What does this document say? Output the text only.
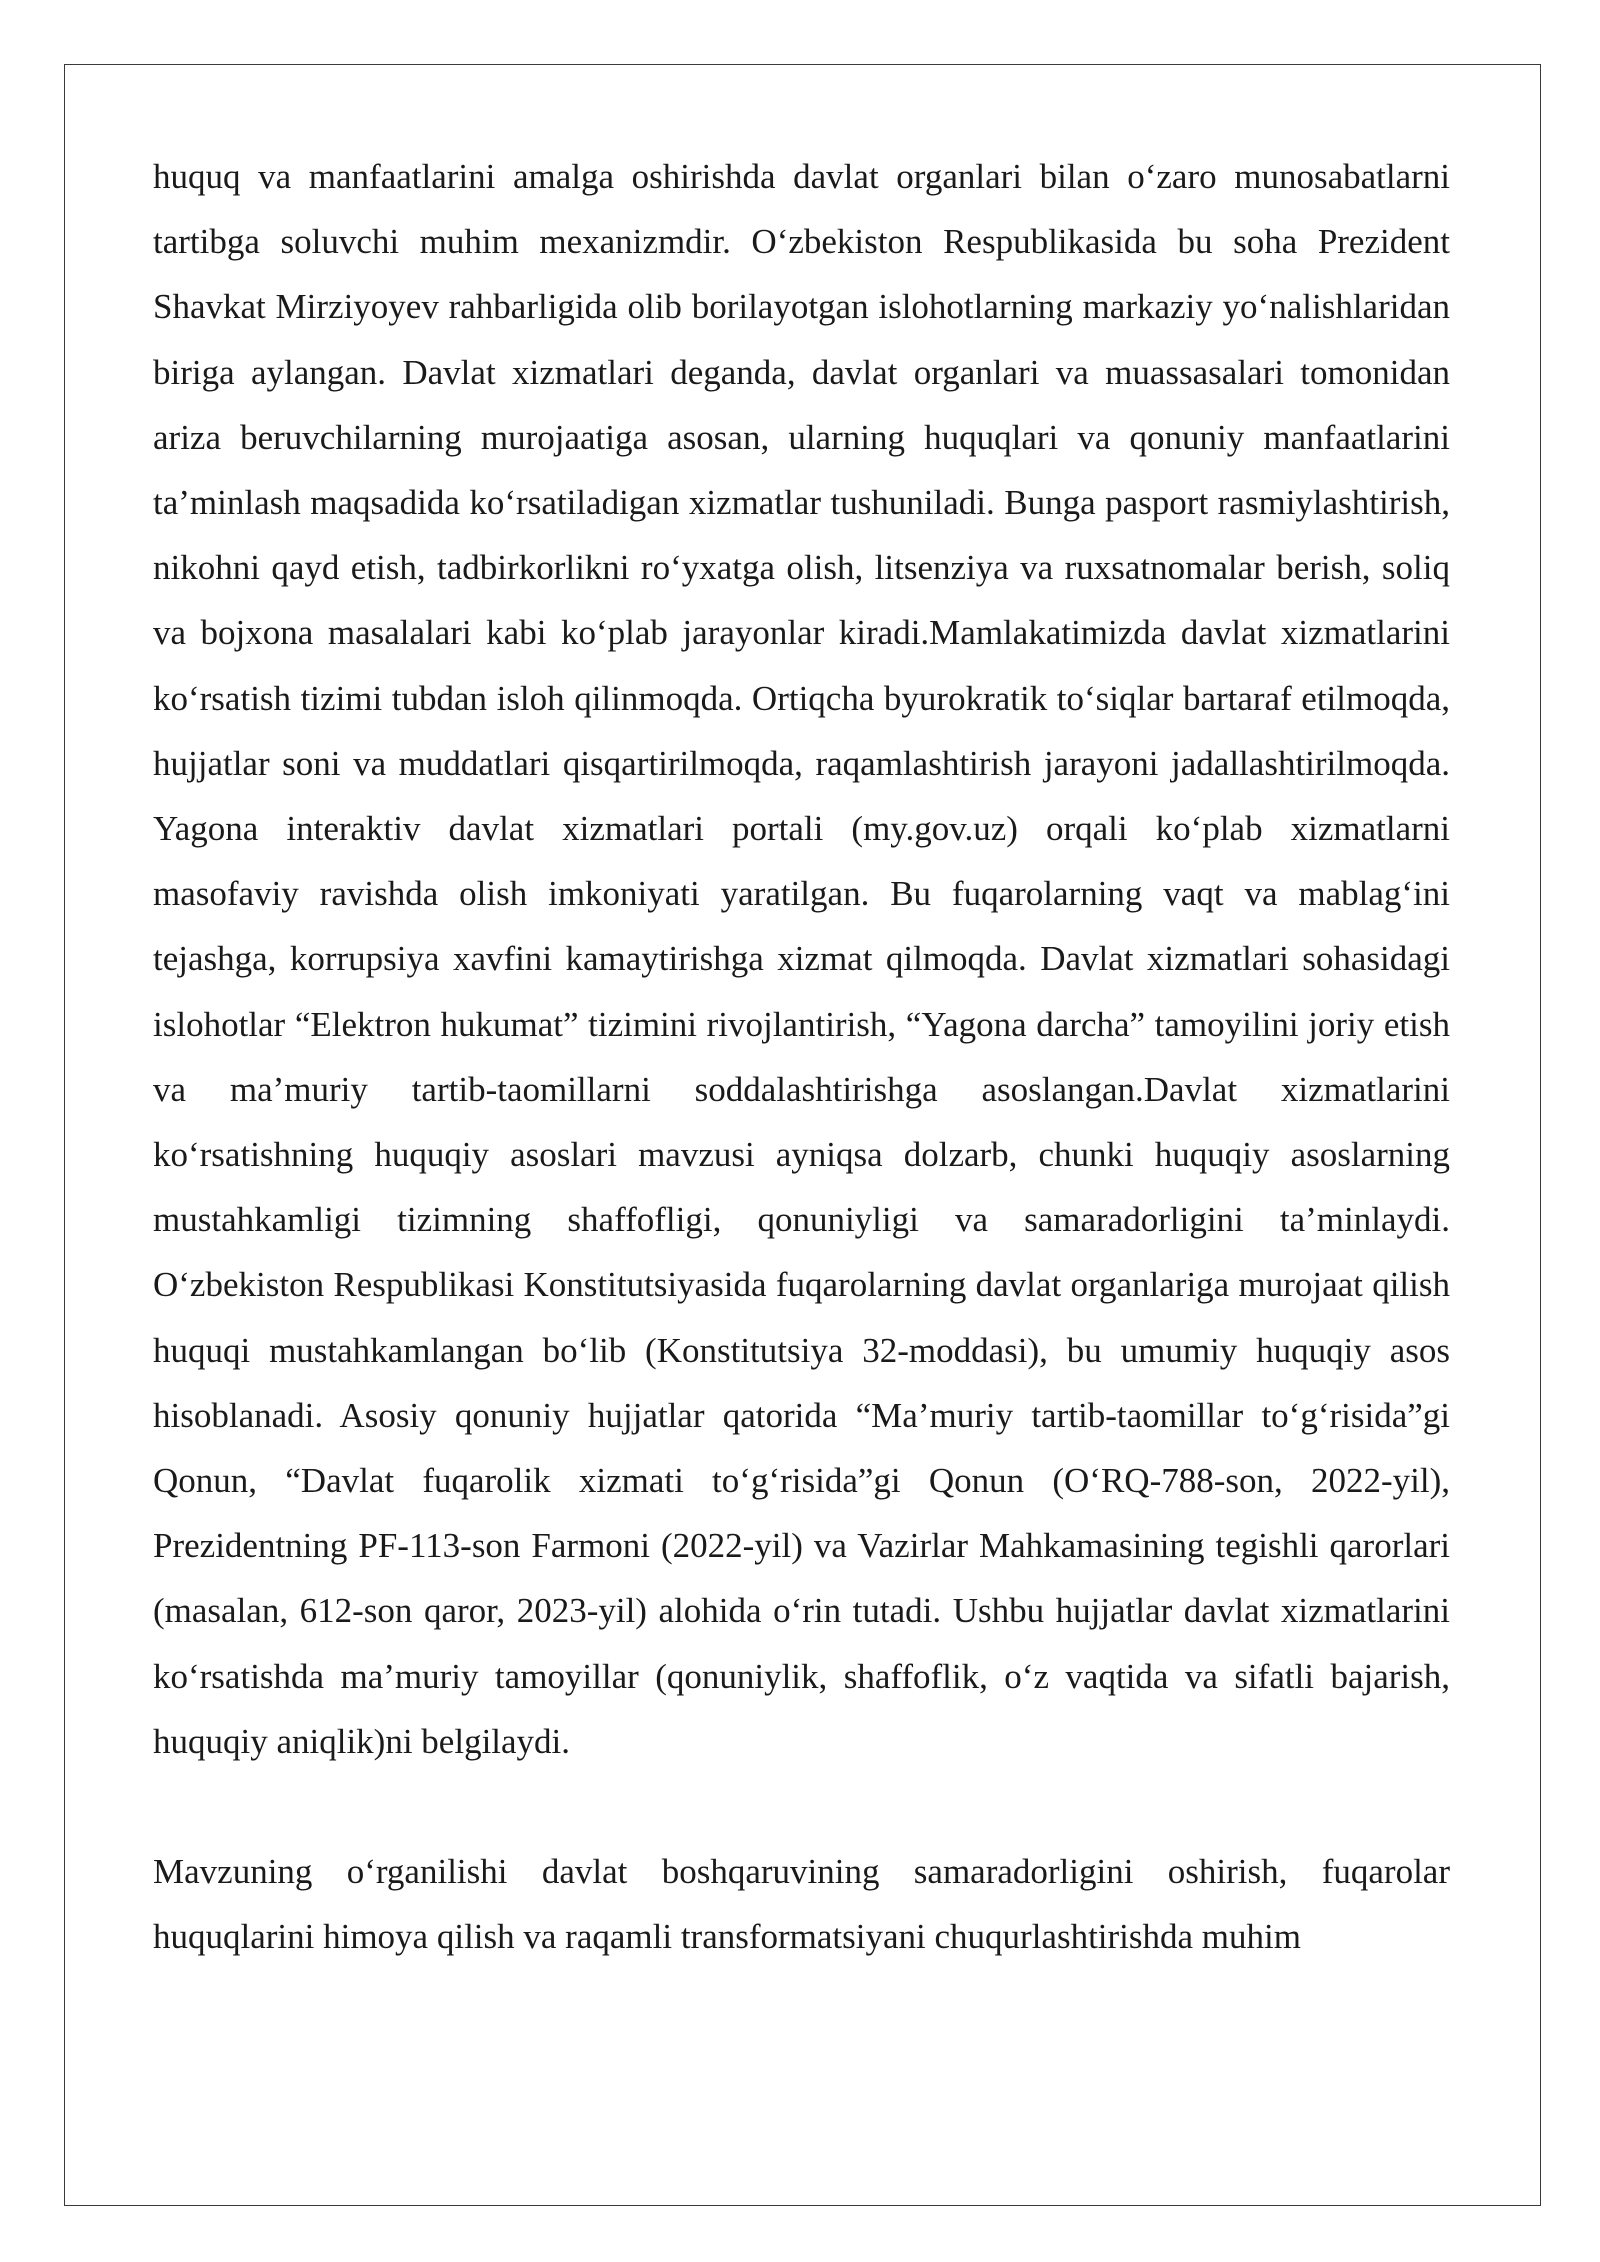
huquq va manfaatlarini amalga oshirishda davlat organlari bilan o‘zaro munosabatlarni tartibga soluvchi muhim mexanizmdir. O‘zbekiston Respublikasida bu soha Prezident Shavkat Mirziyoyev rahbarligida olib borilayotgan islohotlarning markaziy yo‘nalishlaridan biriga aylangan. Davlat xizmatlari deganda, davlat organlari va muassasalari tomonidan ariza beruvchilarning murojaatiga asosan, ularning huquqlari va qonuniy manfaatlarini ta’minlash maqsadida ko‘rsatiladigan xizmatlar tushuniladi. Bunga pasport rasmiylashtirish, nikohni qayd etish, tadbirkorlikni ro‘yxatga olish, litsenziya va ruxsatnomalar berish, soliq va bojxona masalalari kabi ko‘plab jarayonlar kiradi.Mamlakatimizda davlat xizmatlarini ko‘rsatish tizimi tubdan isloh qilinmoqda. Ortiqcha byurokratik to‘siqlar bartaraf etilmoqda, hujjatlar soni va muddatlari qisqartirilmoqda, raqamlashtirish jarayoni jadallashtirilmoqda. Yagona interaktiv davlat xizmatlari portali (my.gov.uz) orqali ko‘plab xizmatlarni masofaviy ravishda olish imkoniyati yaratilgan. Bu fuqarolarning vaqt va mablag‘ini tejashga, korrupsiya xavfini kamaytirishga xizmat qilmoqda. Davlat xizmatlari sohasidagi islohotlar “Elektron hukumat” tizimini rivojlantirish, “Yagona darcha” tamoyilini joriy etish va ma’muriy tartib-taomillarni soddalashtirishga asoslangan.Davlat xizmatlarini ko‘rsatishning huquqiy asoslari mavzusi ayniqsa dolzarb, chunki huquqiy asoslarning mustahkamligi tizimning shaffofligi, qonuniyligi va samaradorligini ta’minlaydi. O‘zbekiston Respublikasi Konstitutsiyasida fuqarolarning davlat organlariga murojaat qilish huquqi mustahkamlangan bo‘lib (Konstitutsiya 32-moddasi), bu umumiy huquqiy asos hisoblanadi. Asosiy qonuniy hujjatlar qatorida “Ma’muriy tartib-taomillar to‘g‘risida”gi Qonun, “Davlat fuqarolik xizmati to‘g‘risida”gi Qonun (O‘RQ-788-son, 2022-yil), Prezidentning PF-113-son Farmoni (2022-yil) va Vazirlar Mahkamasining tegishli qarorlari (masalan, 612-son qaror, 2023-yil) alohida o‘rin tutadi. Ushbu hujjatlar davlat xizmatlarini ko‘rsatishda ma’muriy tamoyillar (qonuniylik, shaffoflik, o‘z vaqtida va sifatli bajarish, huquqiy aniqlik)ni belgilaydi.

Mavzuning o‘rganilishi davlat boshqaruvining samaradorligini oshirish, fuqarolar huquqlarini himoya qilish va raqamli transformatsiyani chuqurlashtirishda muhim
